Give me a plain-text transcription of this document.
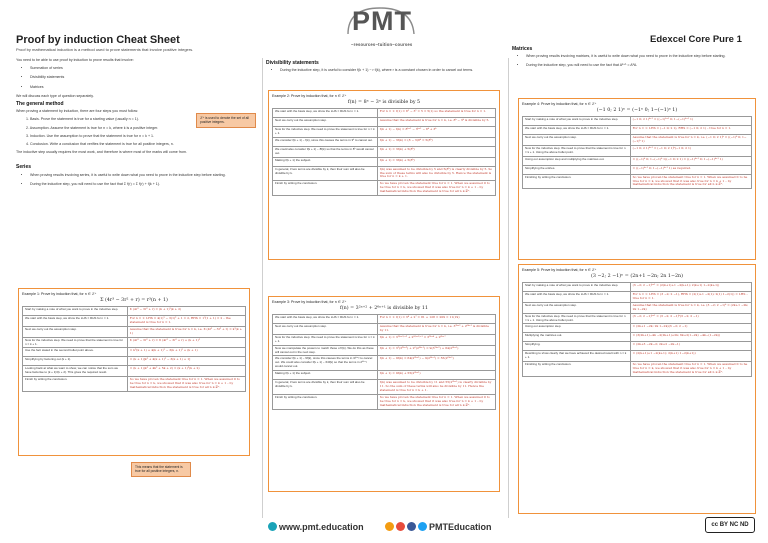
Proof by induction Cheat Sheet
Proof by mathematical induction is a method used to prove statements that involve positive integers.
Edexcel Core Pure 1
PMT
~resources~tuition~courses

You need to be able to use proof by induction to prove results that involve:

• Summation of series
• Divisibility statements
• Matrices

We will discuss each type of question separately.

The general method

When proving a statement by induction, there are four steps you must follow:

1. Basis. Prove the statement is true for a starting value (usually n = 1).

2. Assumption. Assume the statement is true for n = k, where k is a positive integer.

3. Induction. Use the assumption to prove that the statement is true for n = k + 1.

4. Conclusion. Write a conclusion that verifies the statement is true for all positive integers, n.

The inductive step usually requires the most work, and therefore is where most of the marks will come from.

Series
• When proving results involving series, it is useful to write down what you need to prove in the inductive step before starting.
• During the inductive step, you will need to use the fact that Σ f(r) = Σ f(r) + f(k + 1).
ℤ⁺ is used to denote the set of all positive integers.
Example 1: Prove by induction that, for n ∈ ℤ⁺
Σ (4r³ − 3r² + r) = r³(n + 1)
Start by making a note of what you want to prove in the inductive step.	Σ (4r³ − 3r² + r) = (k + 1)³(k + 2)
We start with the basis step, we show the LHS = RHS for n = 1.	For n = 1: LHS = 4(1)³ − 3(1)² + 1 = 2, RHS = 1³(1 + 1) = 2 – the statement is true for n = 1.
Next we carry out the assumption step.	Assume that the statement is true for n = k, i.e. Σ (4r³ − 3r² + r) = k³(k + 1)
Now for the inductive step. We need to prove that the statement is true for n = k + 1.	Σ (4r³ − 3r² + r) = Σ (4r³ − 3r² + r) + (k + 1)³
Use the fact stated in the second bullet point above.	= k³(k + 1) + 4(k + 1)³ − 3(k + 1)² + (k + 1)
Simplifying by factoring out (k + 1).	= (k + 1)[k³ + 4(k + 1)² − 3(k + 1) + 1]
Looking back at what we want to show, we can notice that the sum we have factorise to (k + 1)³(k + 2). This gives the required result.	= (k + 1)(k³ + 4k² + 5k + 2) = (k + 1)³(k + 2)
Finish by writing the conclusion.	So we have proven the statement true for n = 1. When we assumed it to be true for n = k, we showed that it was also true for n = k + 1 – by mathematical induction the statement is true for all n ∈ ℤ⁺.
This means that the statement is true for all positive integers, n.
Divisibility statements
• During the inductive step, it is useful to consider f(k + 1) − r f(k), where r is a constant chosen in order to cancel out terms.
Example 2: Prove by induction that, for n ∈ ℤ⁺
f(n) = 8ⁿ − 3ⁿ is divisible by 5
We start with the basis step, we show the LHS = RHS for n = 1.	For n = 1: f(1) = 8¹ − 3¹ = 5 = 5(1) so the statement is true for n = 1.
Next we carry out the assumption step.	Assume that the statement is true for n = k, i.e. 8ᵏ − 3ᵏ is divisible by 5.
Now for the inductive step. We need to prove the statement is true for n = k + 1.	f(k + 1) − f(k) = 8ᵏ⁺¹ − 3ᵏ⁺¹ − 8ᵏ + 3ᵏ
We consider f(k + 1) − f(k), since this causes the terms in 3ᵏ to cancel out.	f(k + 1) − 3f(k) = (8 − 3)8ᵏ = 5(8ᵏ)
We could also consider f(k + 1) − 8f(k) so that the terms in 8ᵏ would cancel out.	f(k + 1) = 3f(k) + 5(8ᵏ)
Making f(k + 1) the subject.	f(k + 1) = 3f(k) + 5(8ᵏ)
In general, if two terms are divisible by k, then their sum will also be divisible by k.	f(k) was assumed to be divisible by 5 and 5(8ᵏ) is clearly divisible by 5. So the sum of these terms will also be divisible by 5. Hence the statement is true for n = k + 1.
Finish by writing the conclusion.	So we have proven the statement true for n = 1. When we assumed it to be true for n = k, we showed that it was also true for n = k + 1 – by mathematical induction the statement is true for all n ∈ ℤ⁺.
Example 3: Prove by induction that, for n ∈ ℤ⁺
f(n) = 3²ⁿ⁺² + 2⁶ⁿ⁺¹ is divisible by 11
We start with the basis step, we show the LHS = RHS for n = 1.	For n = 1: f(1) = 3⁴ + 2⁷ = 81 + 128 = 209 = 11(19)
Next we carry out the assumption step.	Assume that the statement is true for n = k, i.e. 3²ᵏ⁺² + 2⁶ᵏ⁺¹ is divisible by 11.
Now for the inductive step. We need to prove the statement is true for n = k + 1.	f(k + 1) = 3²⁽ᵏ⁺¹⁾⁺² + 2⁶⁽ᵏ⁺¹⁾⁺¹ = 3²ᵏ⁺⁴ + 2⁶ᵏ⁺⁷
Now we manipulate the powers to match those of f(k). We do this as these will cancel out in the next step.	f(k + 1) = 3²(3²ᵏ⁺²) + 2⁶(2⁶ᵏ⁺¹) = 9(3²ᵏ⁺²) + 64(2⁶ᵏ⁺¹)
We consider f(k + 1) − 9f(k), since this causes the terms in 3²ᵏ⁺² to cancel out. We could also consider f(k + 1) − 64f(k) so that the terms in 2⁶ᵏ⁺¹ would cancel out.	f(k + 1) − 9f(k) = 64(2⁶ᵏ⁺¹) − 9(2⁶ᵏ⁺¹) = 55(2⁶ᵏ⁺¹)
Making f(k + 1) the subject.	f(k + 1) = 9f(k) + 55(2⁶ᵏ⁺¹)
In general, if two terms are divisible by k, then their sum will also be divisible by k.	f(k) was assumed to be divisible by 11 and 55(2⁶ᵏ⁺¹) is clearly divisible by 11. So the sum of these terms will also be divisible by 11. Hence the statement is true for n = k + 1.
Finish by writing the conclusion.	So we have proven the statement true for n = 1. When we assumed it to be true for n = k, we showed that it was also true for n = k + 1 – by mathematical induction the statement is true for all n ∈ ℤ⁺.
Matrices
• When proving results involving matrices, it is useful to write down what you need to prove in the inductive step before starting.
• During the inductive step, you will need to use the fact that Aᵏ⁺¹ = AᵏA.
Example 4: Prove by induction that, for n ∈ ℤ⁺
(−1 0; 2 1)ⁿ = (−1ⁿ 0; 1−(−1)ⁿ 1)
Start by making a note of what you want to prove in the inductive step.	(−1 0; 2 1)ᵏ⁺¹ = ((−1)ᵏ⁺¹ 0; 1−(−1)ᵏ⁺¹ 1)
We start with the basis step, we show the LHS = RHS for n = 1.	For n = 1: LHS = (−1 0; 2 1), RHS = (−1 0; 2 1) – true for n = 1.
Next we carry out the assumption step.	Assume that the statement is true for n = k, i.e. (−1 0; 2 1)ᵏ = ((−1)ᵏ 0; 1−(−1)ᵏ 1)
Now for the inductive step. We need to prove that the statement is true for n = k + 1. Using the above bullet point.	(−1 0; 2 1)ᵏ⁺¹ = (−1 0; 2 1)ᵏ(−1 0; 2 1)
Using our assumption step and multiplying the matrices out.	= ((−1)ᵏ 0; 1−(−1)ᵏ 1)(−1 0; 2 1) = ((−1)ᵏ⁺¹ 0; 1−(−1)ᵏ⁺¹ 1)
Simplifying the entries.	= ((−1)ᵏ⁺¹ 0; 1−(−1)ᵏ⁺¹ 1) as required.
Finishing by writing the conclusion.	So we have proven the statement true for n = 1. When we assumed it to be true for n = k, we showed that it was also true for n = k + 1 – by mathematical induction the statement is true for all n ∈ ℤ⁺.
Example 5: Prove by induction that, for n ∈ ℤ⁺
(3 −2; 2 −1)ⁿ = (2n+1 −2n; 2n 1−2n)
Start by making a note of what you want to prove in the inductive step.	(3 −2; 2 −1)ᵏ⁺¹ = (2(k+1)+1 −2(k+1); 2(k+1) 1−2(k+1))
We start with the basis step, we show the LHS = RHS for n = 1.	For n = 1: LHS = (3 −2; 2 −1), RHS = (2(1)+1 −2(1); 2(1) 1−2(1)) = LHS – true for n = 1.
Next we carry out the assumption step.	Assume that the statement is true for n = k, i.e. (3 −2; 2 −1)ᵏ = (2k+1 −2k; 2k 1−2k)
Now for the inductive step. We need to prove that the statement is true for n = k + 1. Using the above bullet point.	(3 −2; 2 −1)ᵏ⁺¹ = (3 −2; 2 −1)ᵏ(3 −2; 2 −1)
Using our assumption step.	= (2k+1 −2k; 2k 1−2k)(3 −2; 2 −1)
Multiplying the matrices out.	= (3(2k+1)−4k −2(2k+1)+2k; 6k+2(1−2k) −4k−(1−2k))
Simplifying.	= (2k+3 −2k−2; 2k+2 −2k−1)
Rewriting to show clearly that we have achieved the desired result with n = k + 1.	= (2(k+1)+1 −2(k+1); 2(k+1) 1−2(k+1))
Finishing by writing the conclusion.	So we have proven the statement true for n = 1. When we assumed it to be true for n = k, we showed that it was also true for n = k + 1 – by mathematical induction the statement is true for all n ∈ ℤ⁺.
www.pmt.education	PMTEducation	cc BY NC ND
